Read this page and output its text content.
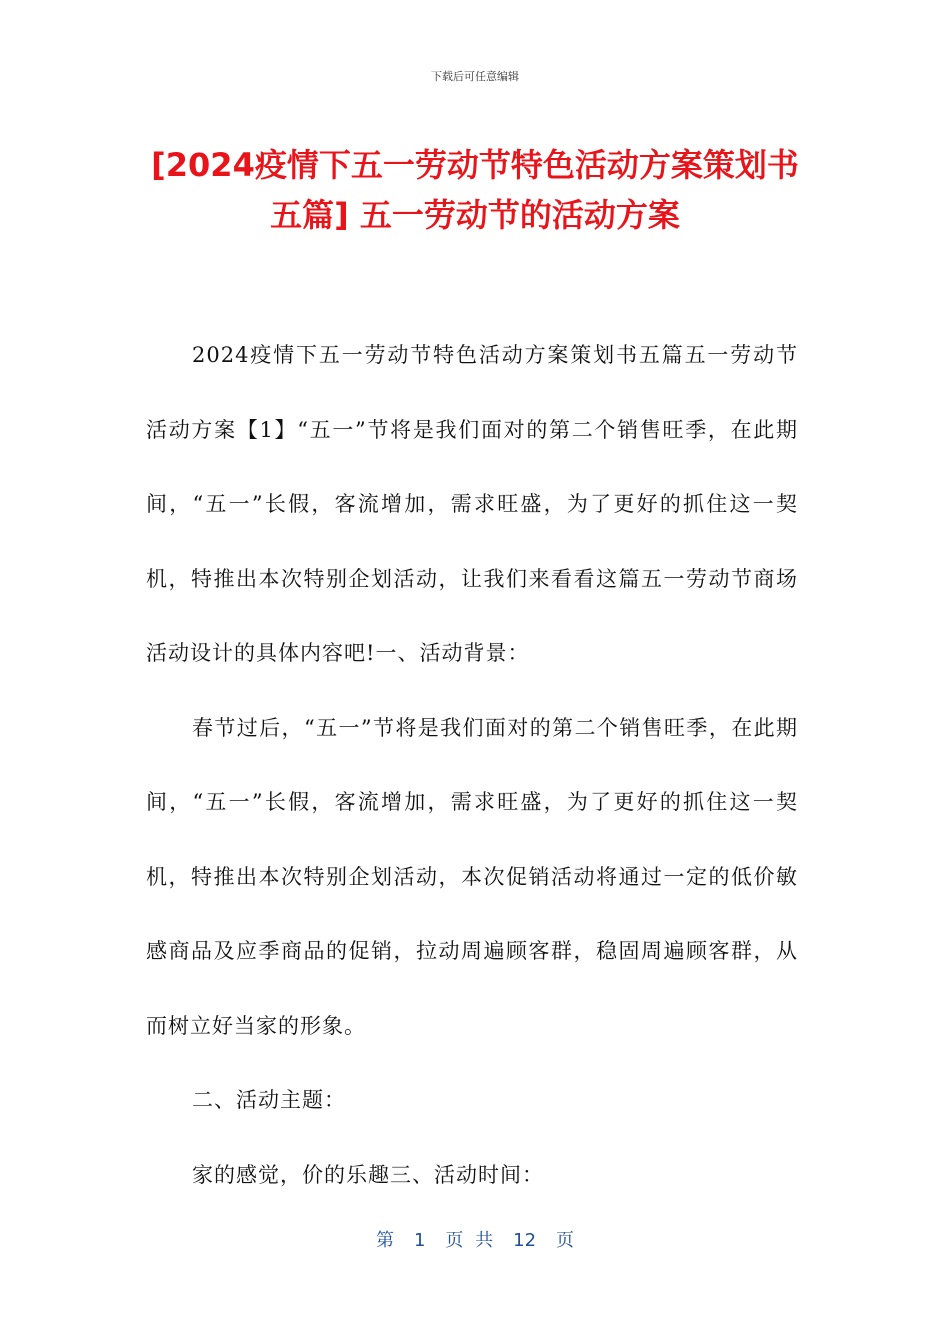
下载后可任意编辑
[2024疫情下五一劳动节特色活动方案策划书五篇] 五一劳动节的活动方案

2024疫情下五一劳动节特色活动方案策划书五篇五一劳动节活动方案【1】“五一”节将是我们面对的第二个销售旺季，在此期间，“五一”长假，客流增加，需求旺盛，为了更好的抓住这一契机，特推出本次特别企划活动，让我们来看看这篇五一劳动节商场活动设计的具体内容吧!一、活动背景：

春节过后，“五一”节将是我们面对的第二个销售旺季，在此期间，“五一”长假，客流增加，需求旺盛，为了更好的抓住这一契机，特推出本次特别企划活动，本次促销活动将通过一定的低价敏感商品及应季商品的促销，拉动周遍顾客群，稳固周遍顾客群，从而树立好当家的形象。

二、活动主题：

家的感觉，价的乐趣三、活动时间：

第 1 页 共 12 页
